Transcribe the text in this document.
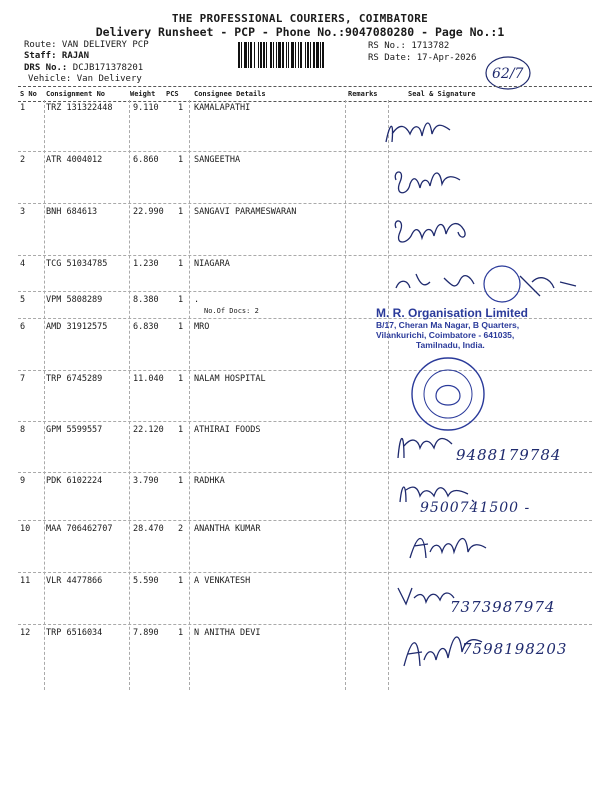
THE PROFESSIONAL COURIERS, COIMBATORE
Delivery Runsheet - PCP - Phone No.:9047080280 - Page No.:1
Route: VAN DELIVERY PCP
Staff: RAJAN
DRS No.: DCJB171378201
Vehicle: Van Delivery
RS No.: 1713782
RS Date: 17-Apr-2026
62/7
S No Consignment No	Weight PCS Consignee Details	Remarks	Seal & Signature
1 TRZ 131322448 9.110 1 KAMALAPATHI
2 ATR 4004012	6.860 1 SANGEETHA
3 BNH 684613	22.990 1 SANGAVI PARAMESWARAN
4 TCG 51034785	1.230 1 NIAGARA
5 VPM 5808289	8.380 1 .
No.Of Docs: 2
6 AMD 31912575	6.830 1 MRO
7 TRP 6745289	11.040 1 NALAM HOSPITAL
8 GPM 5599557	22.120 1 ATHIRAI FOODS
9 PDK 6102224	3.790 1 RADHKA
10 MAA 706462707 28.470 2 ANANTHA KUMAR
11 VLR 4477866	5.590 1 A VENKATESH
12 TRP 6516034	7.890 1 N ANITHA DEVI
M. R. Organisation Limited
B/17, Cheran Ma Nagar, B Quarters,
Vilankurichi, Coimbatore - 641035,
Tamilnadu, India.
9488179784
9500741500 -
7373987974
7598198203
